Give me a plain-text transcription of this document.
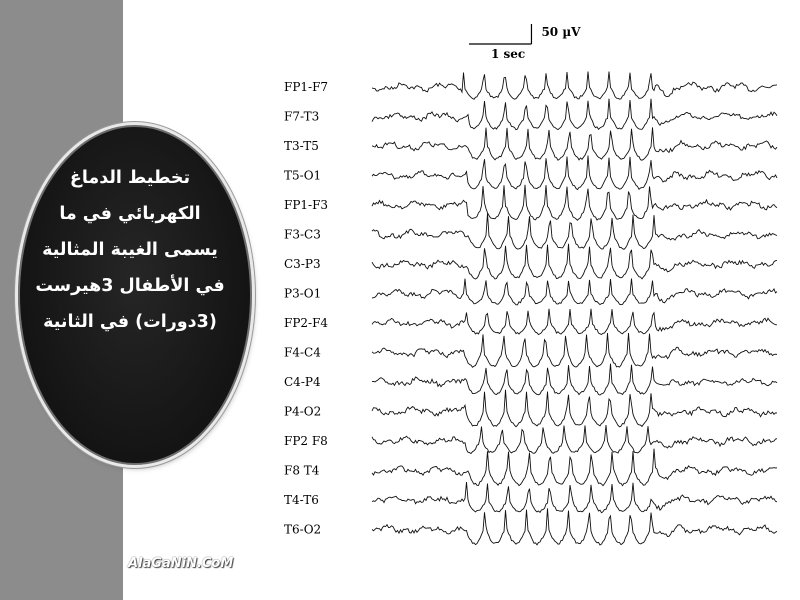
1 sec
50 µV
FP1-F7
F7-T3
T3-T5
T5-O1
FP1-F3
F3-C3
C3-P3
P3-O1
FP2-F4
F4-C4
C4-P4
P4-O2
FP2 F8
F8 T4
T4-T6
T6-O2
تخطيط الدماغ
الكهربائي في ما
يسمى الغيبة المثالية
في الأطفال 3هيرست
(3دورات) في الثانية
AlaGaNiN.CoM
